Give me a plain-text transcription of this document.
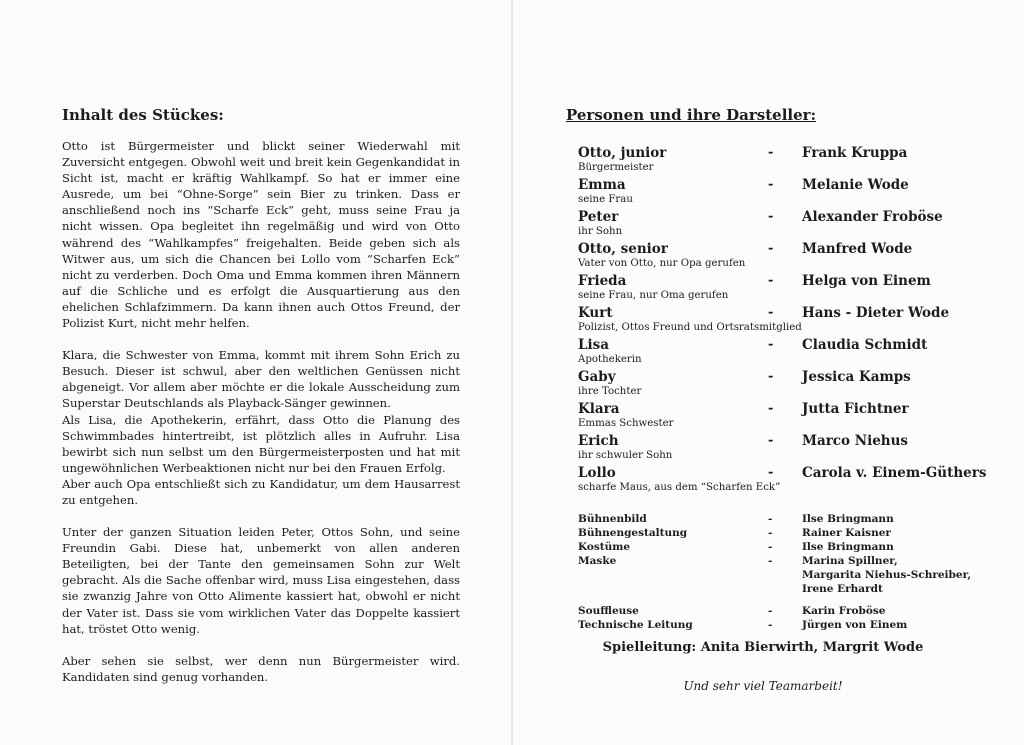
Inhalt des Stückes:

Otto ist Bürgermeister und blickt seiner Wiederwahl mit Zuversicht entgegen. Obwohl weit und breit kein Gegenkandidat in Sicht ist, macht er kräftig Wahlkampf. So hat er immer eine Ausrede, um bei “Ohne-Sorge” sein Bier zu trinken. Dass er anschließend noch ins “Scharfe Eck” geht, muss seine Frau ja nicht wissen. Opa begleitet ihn regelmäßig und wird von Otto während des “Wahlkampfes” freigehalten. Beide geben sich als Witwer aus, um sich die Chancen bei Lollo vom “Scharfen Eck” nicht zu verderben. Doch Oma und Emma kommen ihren Männern auf die Schliche und es erfolgt die Ausquartierung aus den ehelichen Schlafzimmern. Da kann ihnen auch Ottos Freund, der Polizist Kurt, nicht mehr helfen.

Klara, die Schwester von Emma, kommt mit ihrem Sohn Erich zu Besuch. Dieser ist schwul, aber den weltlichen Genüssen nicht abgeneigt. Vor allem aber möchte er die lokale Ausscheidung zum Superstar Deutschlands als Playback-Sänger gewinnen.

Als Lisa, die Apothekerin, erfährt, dass Otto die Planung des Schwimmbades hintertreibt, ist plötzlich alles in Aufruhr. Lisa bewirbt sich nun selbst um den Bürgermeisterposten und hat mit ungewöhnlichen Werbeaktionen nicht nur bei den Frauen Erfolg.

Aber auch Opa entschließt sich zu Kandidatur, um dem Hausarrest zu entgehen.

Unter der ganzen Situation leiden Peter, Ottos Sohn, und seine Freundin Gabi. Diese hat, unbemerkt von allen anderen Beteiligten, bei der Tante den gemeinsamen Sohn zur Welt gebracht. Als die Sache offenbar wird, muss Lisa eingestehen, dass sie zwanzig Jahre von Otto Alimente kassiert hat, obwohl er nicht der Vater ist. Dass sie vom wirklichen Vater das Doppelte kassiert hat, tröstet Otto wenig.

Aber sehen sie selbst, wer denn nun Bürgermeister wird. Kandidaten sind genug vorhanden.

Personen und ihre Darsteller:
Otto, junior	- Frank Kruppa
Bürgermeister
Emma	- Melanie Wode
seine Frau
Peter	- Alexander Froböse
ihr Sohn
Otto, senior	- Manfred Wode
Vater von Otto, nur Opa gerufen
Frieda	- Helga von Einem
seine Frau, nur Oma gerufen
Kurt	- Hans - Dieter Wode
Polizist, Ottos Freund und Ortsratsmitglied
Lisa	- Claudia Schmidt
Apothekerin
Gaby	- Jessica Kamps
ihre Tochter
Klara	- Jutta Fichtner
Emmas Schwester
Erich	- Marco Niehus
ihr schwuler Sohn
Lollo	- Carola v. Einem-Güthers
scharfe Maus, aus dem “Scharfen Eck”
Bühnenbild	-	Ilse Bringmann
Bühnengestaltung	-	Rainer Kaisner
Kostüme	-	Ilse Bringmann
Maske	-	Marina Spillner,
Margarita Niehus-Schreiber,
Irene Erhardt
Souffleuse	-	Karin Froböse
Technische Leitung	-	Jürgen von Einem
Spielleitung: Anita Bierwirth, Margrit Wode
Und sehr viel Teamarbeit!
